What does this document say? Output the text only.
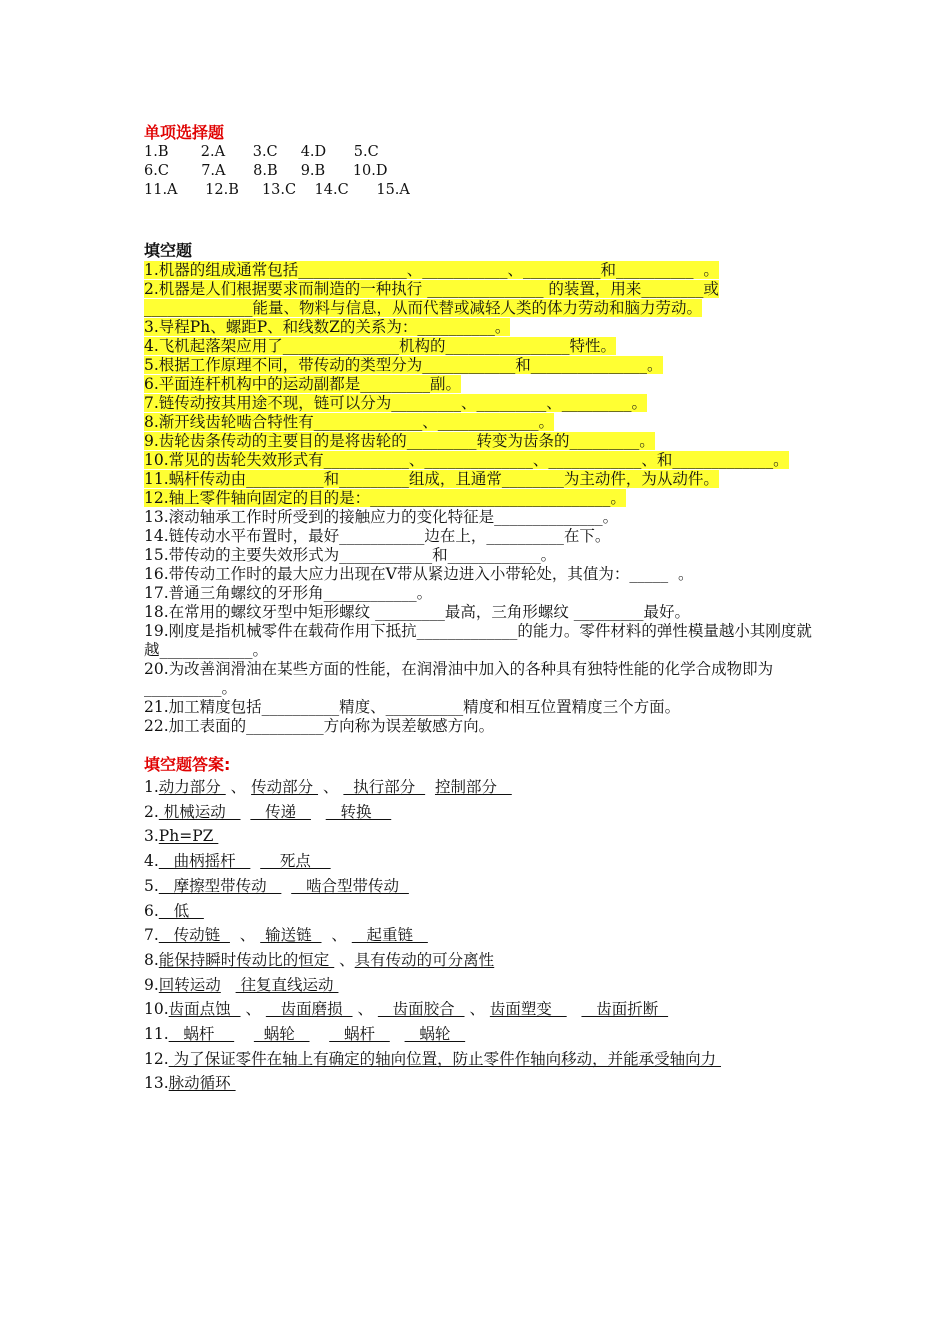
单项选择题

1.B       2.A      3.C     4.D      5.C
6.C       7.A      8.B     9.B      10.D
11.A      12.B     13.C    14.C      15.A

填空题

1.机器的组成通常包括______________、___________、__________和__________  。
2.机器是人们根据要求而制造的一种执行 _______________ 的装置，用来________或______________能量、物料与信息，从而代替或减轻人类的体力劳动和脑力劳动。
3.导程Ph、螺距P、和线数Z的关系为：__________。
4.飞机起落架应用了_______________机构的________________特性。
5.根据工作原理不同，带传动的类型分为____________和_______________。
6.平面连杆机构中的运动副都是_________副。
7.链传动按其用途不现，链可以分为_________、_________、_________。
8.渐开线齿轮啮合特性有______________、_____________。
9.齿轮齿条传动的主要目的是将齿轮的_________转变为齿条的_________。
10.常见的齿轮失效形式有___________、______________、____________、和_____________。
11.蜗杆传动由__________和_________组成，且通常________为主动件，为从动件。
12.轴上零件轴向固定的目的是：_______________________________。
13.滚动轴承工作时所受到的接触应力的变化特征是______________。
14.链传动水平布置时，最好___________边在上，__________在下。
15.带传动的主要失效形式为____________和____________。
16.带传动工作时的最大应力出现在V带从紧边进入小带轮处，其值为：_____  。
17.普通三角螺纹的牙形角____________。
18.在常用的螺纹牙型中矩形螺纹 _________最高，三角形螺纹 _________最好。
19.刚度是指机械零件在载荷作用下抵抗_____________的能力。零件材料的弹性模量越小其刚度就越____________。
20.为改善润滑油在某些方面的性能，在润滑油中加入的各种具有独特性能的化学合成物即为__________。
21.加工精度包括__________精度、__________精度和相互位置精度三个方面。
22.加工表面的__________方向称为误差敏感方向。

填空题答案:

1.动力部分  、 传动部分  、   执行部分    控制部分
2. 机械运动        传递         转换
3.Ph=PZ
4.   曲柄摇杆         死点
5.   摩擦型带传动        啮合型带传动
6.   低
7.   传动链    、  输送链    、    起重链
8.能保持瞬时传动比的恒定  、具有传动的可分离性
9.回转运动    往复直线运动
10.齿面点蚀   、    齿面磨损   、    齿面胶合   、 齿面塑变         齿面折断
11.   蜗杆          蜗轮          蜗杆         蜗轮
12. 为了保证零件在轴上有确定的轴向位置，防止零件作轴向移动，并能承受轴向力
13.脉动循环
